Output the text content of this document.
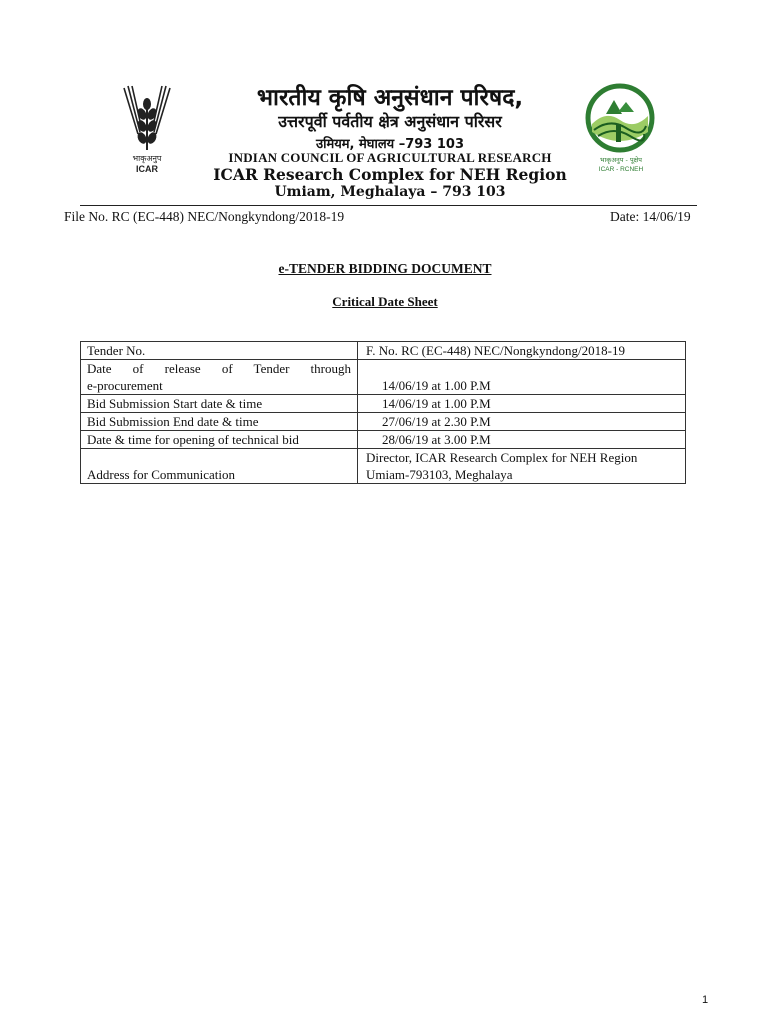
भाकृअनुप
ICAR
भारतीय कृषि अनुसंधान परिषद,
उत्तरपूर्वी पर्वतीय क्षेत्र अनुसंधान परिसर
उमियम, मेघालय –793 103
INDIAN COUNCIL OF AGRICULTURAL RESEARCH
ICAR Research Complex for NEH Region
Umiam, Meghalaya – 793 103
भाकृअनुप - पूक्षेप
ICAR - RCNEH
File No. RC (EC-448) NEC/Nongkyndong/2018-19	Date: 14/06/19
e-TENDER BIDDING DOCUMENT
Critical Date Sheet
Tender No.	F. No. RC (EC-448) NEC/Nongkyndong/2018-19

Date of release of Tender through
e-procurement	14/06/19 at 1.00 P.M

Bid Submission Start date & time	14/06/19 at 1.00 P.M

Bid Submission End date & time	27/06/19 at 2.30 P.M

Date & time for opening of technical bid	28/06/19 at 3.00 P.M

Address for Communication	Director, ICAR Research Complex for NEH Region
Umiam-793103, Meghalaya
1
